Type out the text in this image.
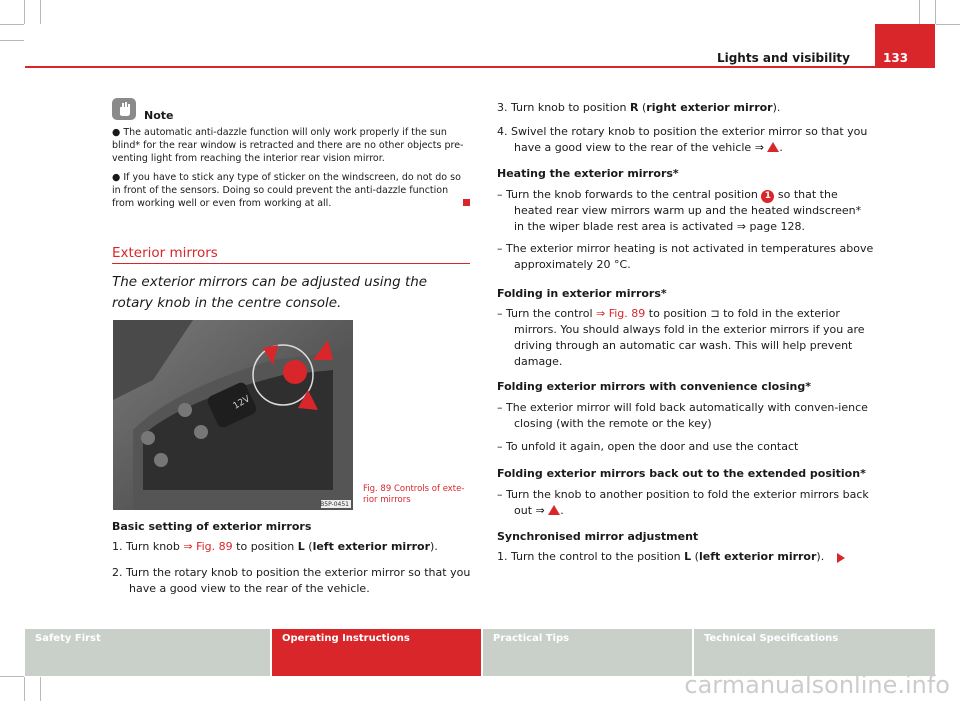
Lights and visibility	133
Note
● The automatic anti-dazzle function will only work properly if the sun blind* for the rear window is retracted and there are no other objects pre-venting light from reaching the interior rear vision mirror.
● If you have to stick any type of sticker on the windscreen, do not do so in front of the sensors. Doing so could prevent the anti-dazzle function from working well or even from working at all.
Exterior mirrors
The exterior mirrors can be adjusted using the rotary knob in the centre console.
12V
B5P-0451
Fig. 89 Controls of exte-rior mirrors
Basic setting of exterior mirrors
1. Turn knob ⇒ Fig. 89 to position L (left exterior mirror).
2. Turn the rotary knob to position the exterior mirror so that you have a good view to the rear of the vehicle.
3. Turn knob to position R (right exterior mirror).
4. Swivel the rotary knob to position the exterior mirror so that you have a good view to the rear of the vehicle ⇒ .
Heating the exterior mirrors*
– Turn the knob forwards to the central position 1 so that the heated rear view mirrors warm up and the heated windscreen* in the wiper blade rest area is activated ⇒ page 128.
– The exterior mirror heating is not activated in temperatures above approximately 20 °C.
Folding in exterior mirrors*
– Turn the control ⇒ Fig. 89 to position ⊐ to fold in the exterior mirrors. You should always fold in the exterior mirrors if you are driving through an automatic car wash. This will help prevent damage.
Folding exterior mirrors with convenience closing*
– The exterior mirror will fold back automatically with conven-ience closing (with the remote or the key)
– To unfold it again, open the door and use the contact
Folding exterior mirrors back out to the extended position*
– Turn the knob to another position to fold the exterior mirrors back out ⇒ .
Synchronised mirror adjustment
1. Turn the control to the position L (left exterior mirror).
Safety First	Operating Instructions	Practical Tips	Technical Specifications
carmanualsonline.info
